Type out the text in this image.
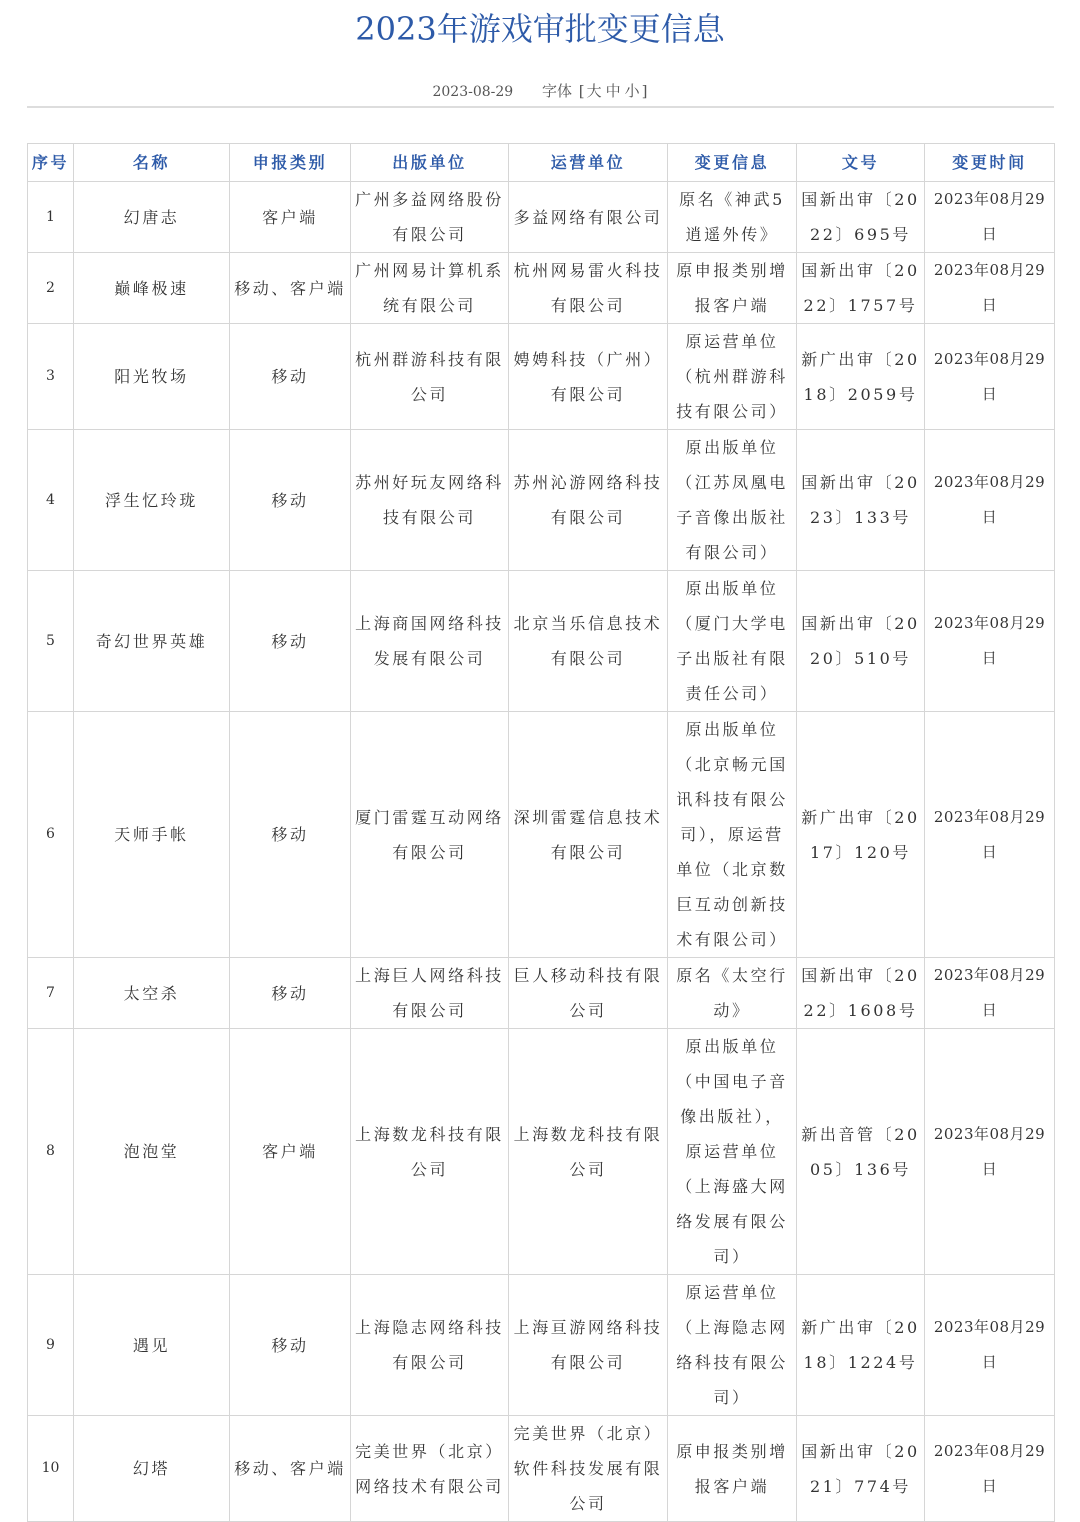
2023年游戏审批变更信息
2023-08-29 字体 [ 大 中 小 ]
序号	名称	申报类别	出版单位	运营单位	变更信息	文号	变更时间
1	幻唐志	客户端	广州多益网络股份有限公司	多益网络有限公司	原名《神武5逍遥外传》	国新出审〔2022〕695号	2023年08月29日
2	巅峰极速	移动、客户端	广州网易计算机系统有限公司	杭州网易雷火科技有限公司	原申报类别增报客户端	国新出审〔2022〕1757号	2023年08月29日
3	阳光牧场	移动	杭州群游科技有限公司	娉娉科技（广州）有限公司	原运营单位（杭州群游科技有限公司）	新广出审〔2018〕2059号	2023年08月29日
4	浮生忆玲珑	移动	苏州好玩友网络科技有限公司	苏州沁游网络科技有限公司	原出版单位（江苏凤凰电子音像出版社有限公司）	国新出审〔2023〕133号	2023年08月29日
5	奇幻世界英雄	移动	上海商国网络科技发展有限公司	北京当乐信息技术有限公司	原出版单位（厦门大学电子出版社有限责任公司）	国新出审〔2020〕510号	2023年08月29日
6	天师手帐	移动	厦门雷霆互动网络有限公司	深圳雷霆信息技术有限公司	原出版单位（北京畅元国讯科技有限公司），原运营单位（北京数巨互动创新技术有限公司）	新广出审〔2017〕120号	2023年08月29日
7	太空杀	移动	上海巨人网络科技有限公司	巨人移动科技有限公司	原名《太空行动》	国新出审〔2022〕1608号	2023年08月29日
8	泡泡堂	客户端	上海数龙科技有限公司	上海数龙科技有限公司	原出版单位（中国电子音像出版社），原运营单位（上海盛大网络发展有限公司）	新出音管〔2005〕136号	2023年08月29日
9	遇见	移动	上海隐志网络科技有限公司	上海亘游网络科技有限公司	原运营单位（上海隐志网络科技有限公司）	新广出审〔2018〕1224号	2023年08月29日
10	幻塔	移动、客户端	完美世界（北京）网络技术有限公司	完美世界（北京）软件科技发展有限公司	原申报类别增报客户端	国新出审〔2021〕774号	2023年08月29日
